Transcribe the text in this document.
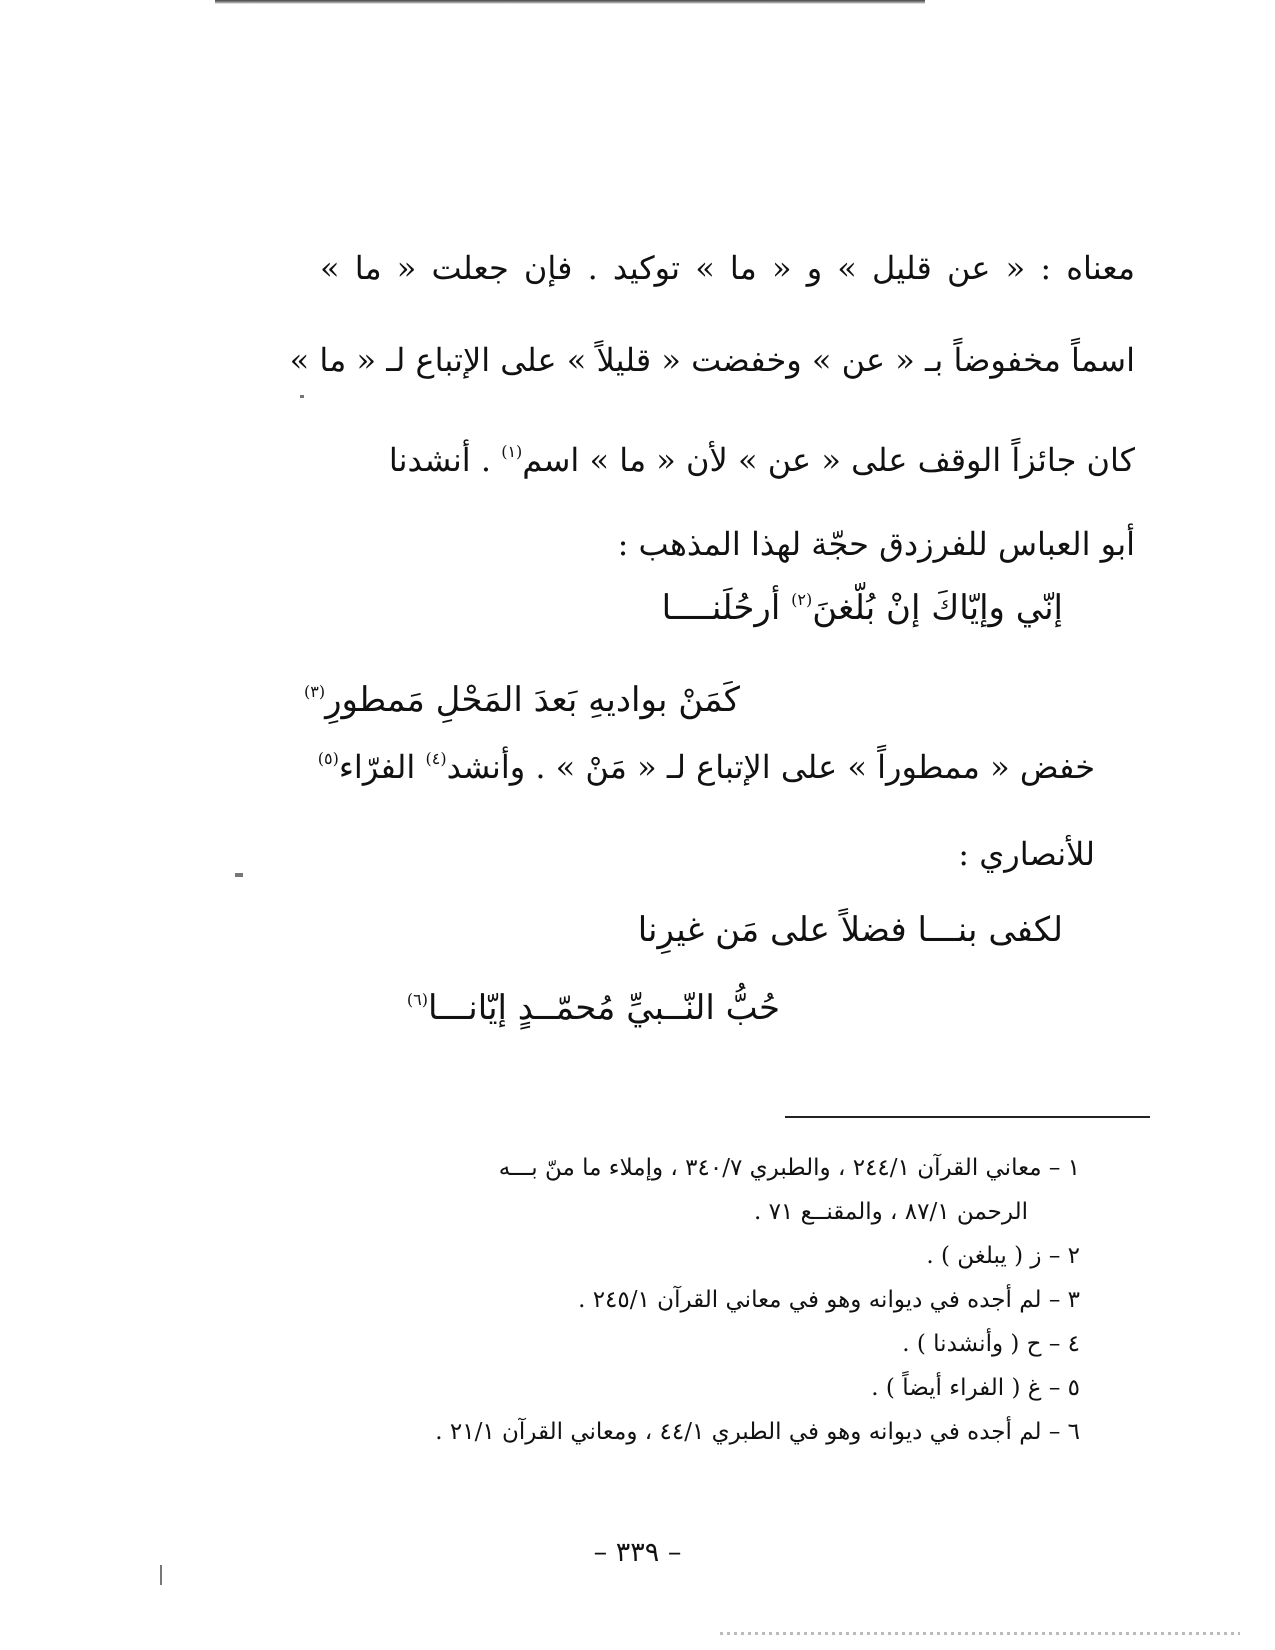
معناه : « عن قليل » و « ما » توكيد . فإن جعلت « ما »
اسماً مخفوضاً بـ « عن » وخفضت « قليلاً » على الإتباع لـ « ما »
كان جائزاً الوقف على « عن » لأن « ما » اسم$^{(١)}$ . أنشدنا
أبو العباس للفرزدق حجّة لهذا المذهب :
إنّي وإيّاكَ إنْ بُلّغنَ$^{(٢)}$ أرحُلَنــــا
كَمَنْ بواديهِ بَعدَ المَحْلِ مَمطورِ$^{(٣)}$
خفض « ممطوراً » على الإتباع لـ « مَنْ » . وأنشد$^{(٤)}$ الفرّاء$^{(٥)}$
للأنصاري :
لكفى بنـــا فضلاً على مَن غيرِنا
حُبُّ النّــبيِّ مُحمّــدٍ إيّانـــا$^{(٦)}$
١ – معاني القرآن ٢٤٤/١ ، والطبري ٣٤٠/٧ ، وإملاء ما منّ بـــه
الرحمن ٨٧/١ ، والمقنــع ٧١ .
٢ – ز ( يبلغن ) .
٣ – لم أجده في ديوانه وهو في معاني القرآن ٢٤٥/١ .
٤ – ح ( وأنشدنا ) .
٥ – غ ( الفراء أيضاً ) .
٦ – لم أجده في ديوانه وهو في الطبري ٤٤/١ ، ومعاني القرآن ٢١/١ .
– ٣٣٩ –
